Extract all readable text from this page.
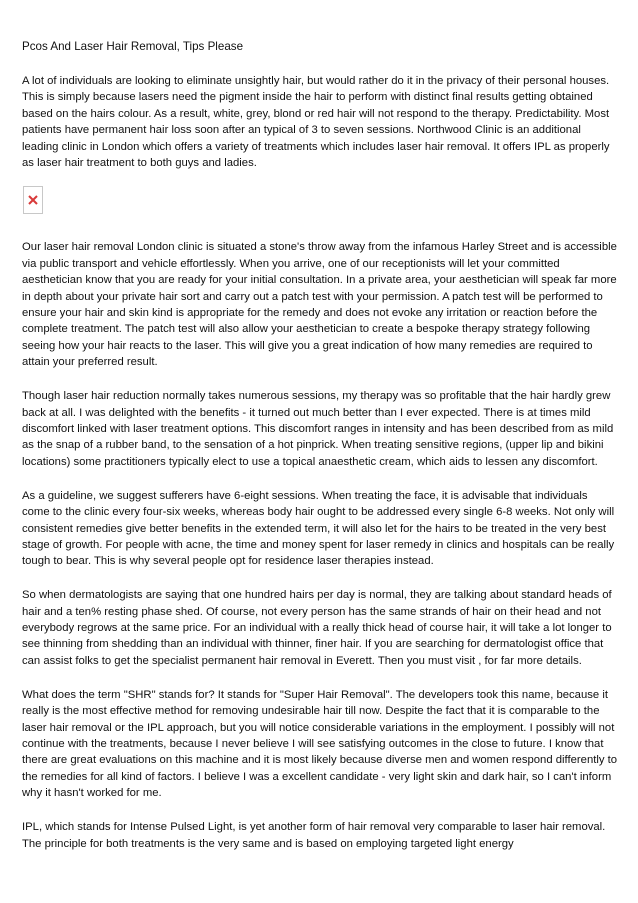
Pcos And Laser Hair Removal, Tips Please

A lot of individuals are looking to eliminate unsightly hair, but would rather do it in the privacy of their personal houses. This is simply because lasers need the pigment inside the hair to perform with distinct final results getting obtained based on the hairs colour. As a result, white, grey, blond or red hair will not respond to the therapy. Predictability. Most patients have permanent hair loss soon after an typical of 3 to seven sessions. Northwood Clinic is an additional leading clinic in London which offers a variety of treatments which includes laser hair removal. It offers IPL as properly as laser hair treatment to both guys and ladies.

Our laser hair removal London clinic is situated a stone's throw away from the infamous Harley Street and is accessible via public transport and vehicle effortlessly. When you arrive, one of our receptionists will let your committed aesthetician know that you are ready for your initial consultation. In a private area, your aesthetician will speak far more in depth about your private hair sort and carry out a patch test with your permission. A patch test will be performed to ensure your hair and skin kind is appropriate for the remedy and does not evoke any irritation or reaction before the complete treatment. The patch test will also allow your aesthetician to create a bespoke therapy strategy following seeing how your hair reacts to the laser. This will give you a great indication of how many remedies are required to attain your preferred result.

Though laser hair reduction normally takes numerous sessions, my therapy was so profitable that the hair hardly grew back at all. I was delighted with the benefits - it turned out much better than I ever expected. There is at times mild discomfort linked with laser treatment options. This discomfort ranges in intensity and has been described from as mild as the snap of a rubber band, to the sensation of a hot pinprick. When treating sensitive regions, (upper lip and bikini locations) some practitioners typically elect to use a topical anaesthetic cream, which aids to lessen any discomfort.

As a guideline, we suggest sufferers have 6-eight sessions. When treating the face, it is advisable that individuals come to the clinic every four-six weeks, whereas body hair ought to be addressed every single 6-8 weeks. Not only will consistent remedies give better benefits in the extended term, it will also let for the hairs to be treated in the very best stage of growth. For people with acne, the time and money spent for laser remedy in clinics and hospitals can be really tough to bear. This is why several people opt for residence laser therapies instead.

So when dermatologists are saying that one hundred hairs per day is normal, they are talking about standard heads of hair and a ten% resting phase shed. Of course, not every person has the same strands of hair on their head and not everybody regrows at the same price. For an individual with a really thick head of course hair, it will take a lot longer to see thinning from shedding than an individual with thinner, finer hair. If you are searching for dermatologist office that can assist folks to get the specialist permanent hair removal in Everett. Then you must visit , for far more details.

What does the term "SHR" stands for? It stands for "Super Hair Removal". The developers took this name, because it really is the most effective method for removing undesirable hair till now. Despite the fact that it is comparable to the laser hair removal or the IPL approach, but you will notice considerable variations in the employment. I possibly will not continue with the treatments, because I never believe I will see satisfying outcomes in the close to future. I know that there are great evaluations on this machine and it is most likely because diverse men and women respond differently to the remedies for all kind of factors. I believe I was a excellent candidate - very light skin and dark hair, so I can't inform why it hasn't worked for me.

IPL, which stands for Intense Pulsed Light, is yet another form of hair removal very comparable to laser hair removal. The principle for both treatments is the very same and is based on employing targeted light energy
